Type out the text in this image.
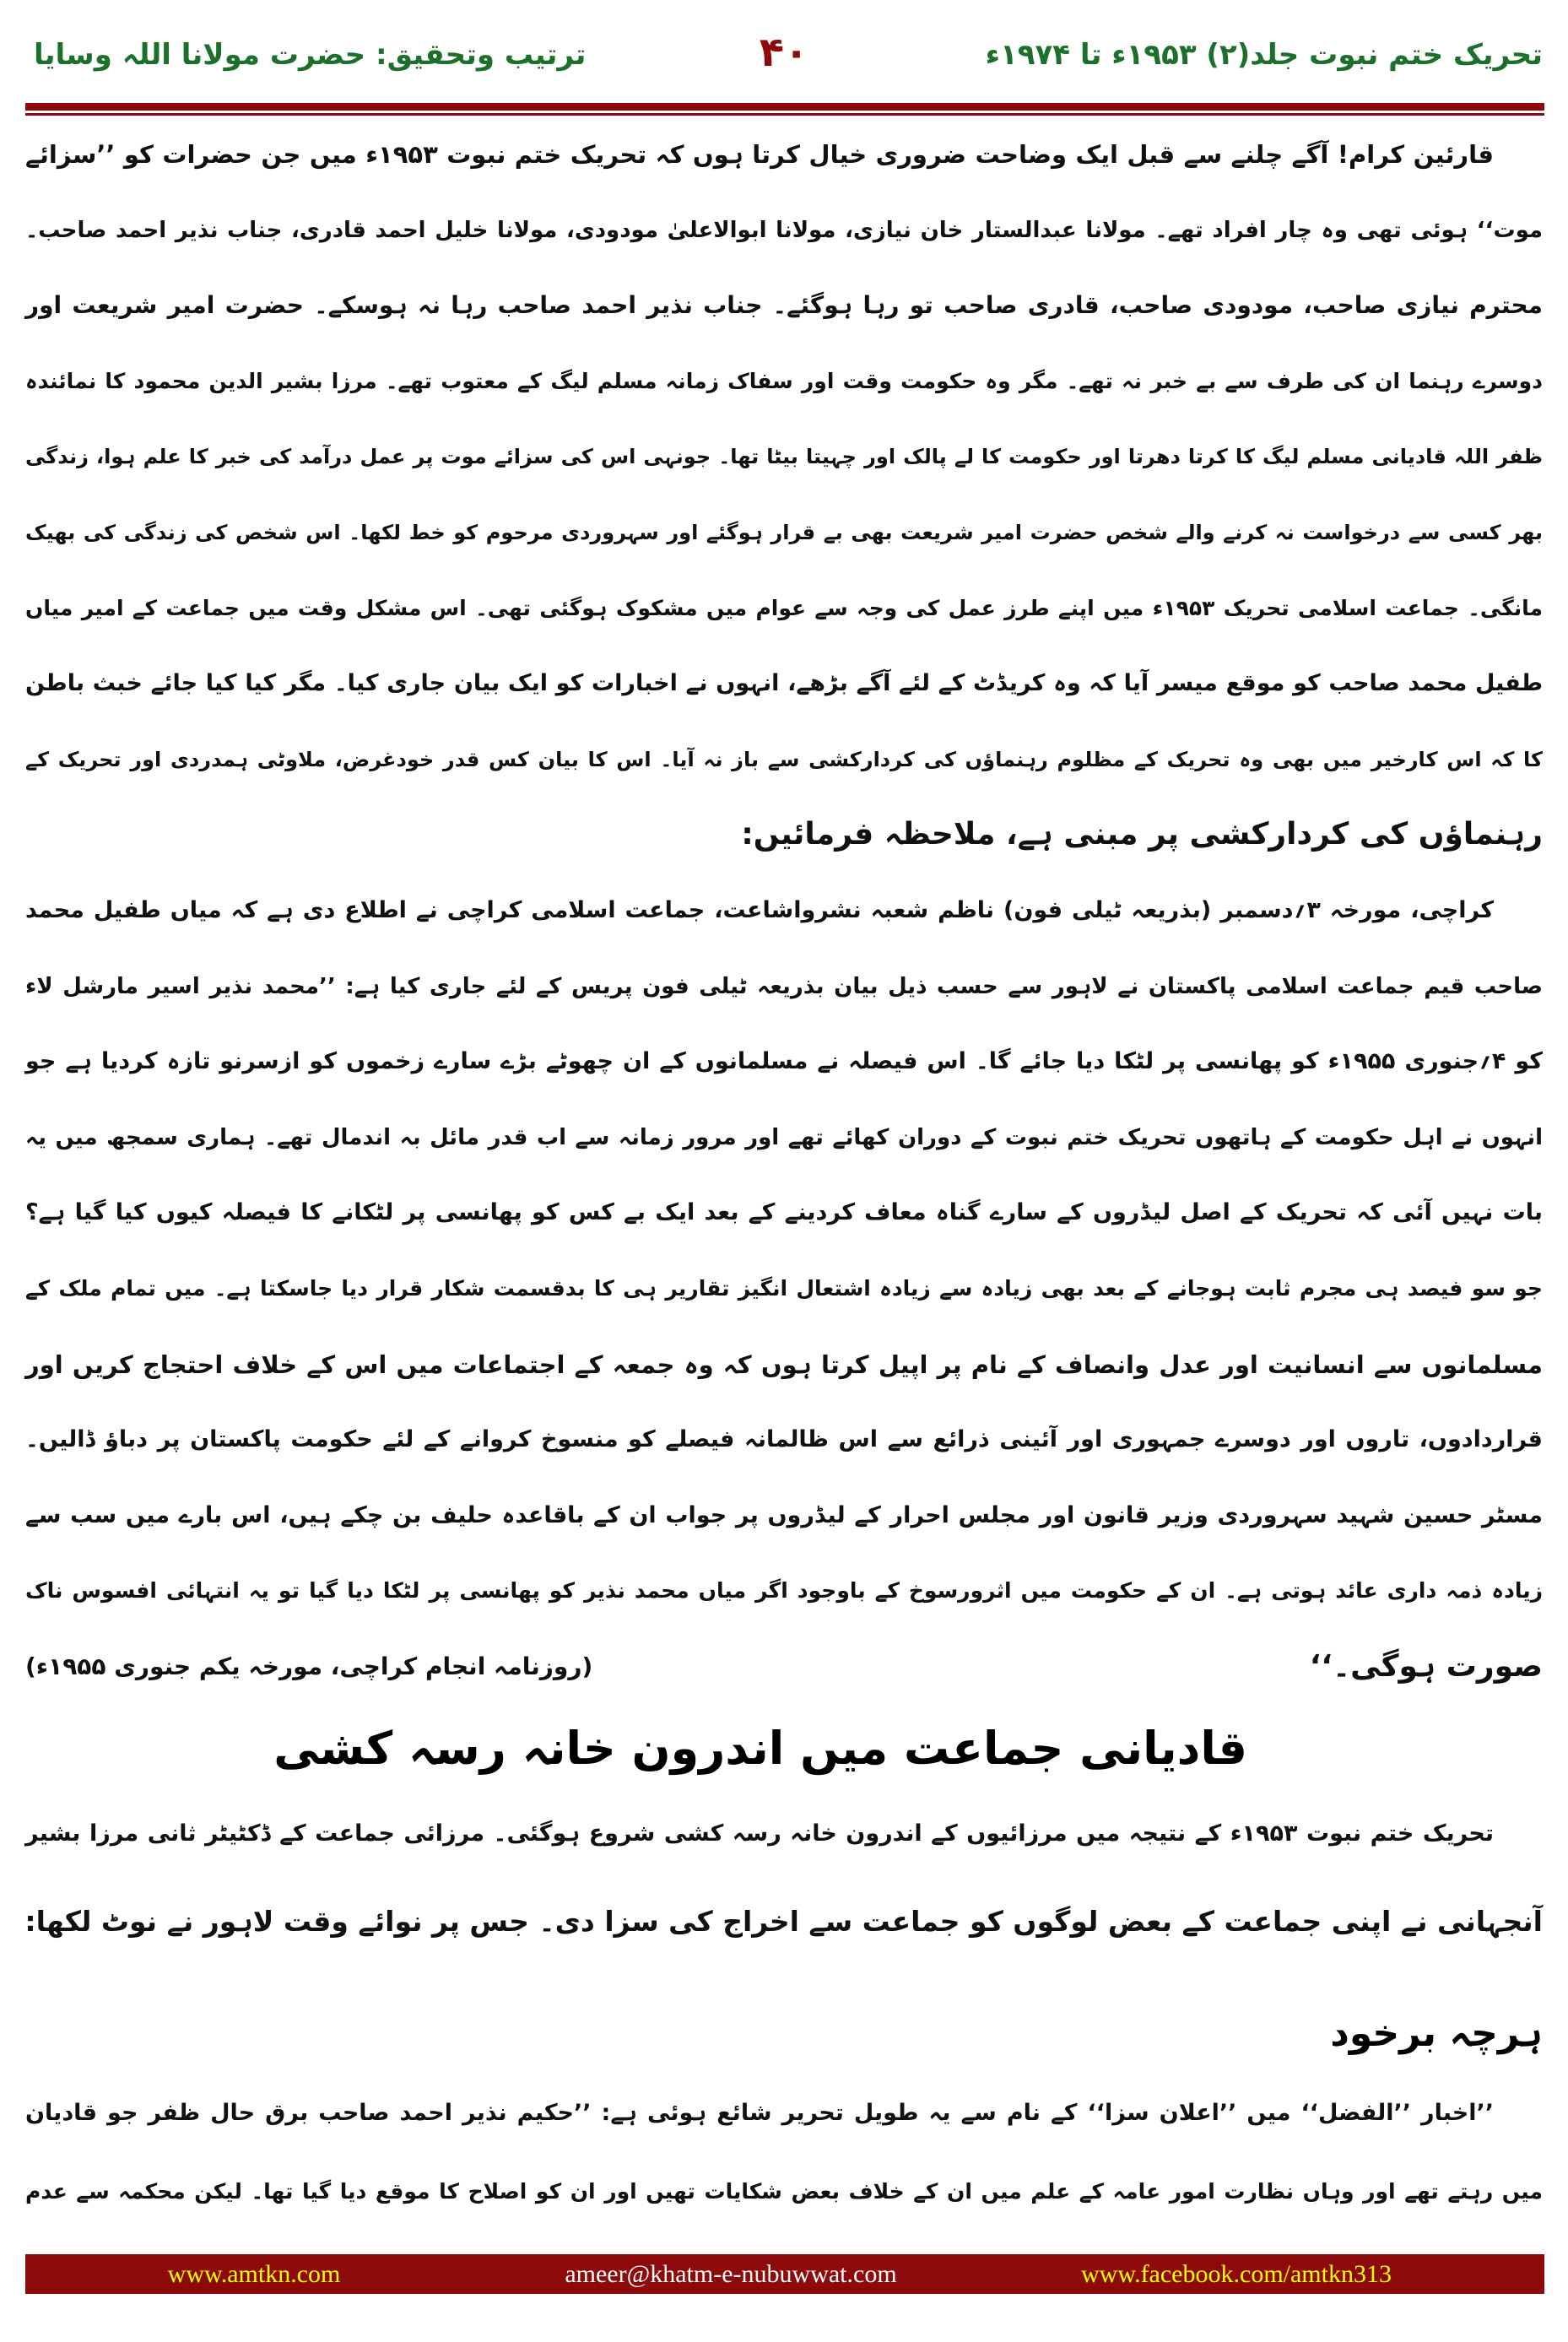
تحریک ختم نبوت جلد(۲) ۱۹۵۳ء تا ۱۹۷۴ء
۴۰
ترتیب وتحقیق: حضرت مولانا اللہ وسایا
قارئین کرام! آگے چلنے سے قبل ایک وضاحت ضروری خیال کرتا ہوں کہ تحریک ختم نبوت ۱۹۵۳ء میں جن حضرات کو ’’سزائے
موت‘‘ ہوئی تھی وہ چار افراد تھے۔ مولانا عبدالستار خان نیازی، مولانا ابوالاعلیٰ مودودی، مولانا خلیل احمد قادری، جناب نذیر احمد صاحب۔
محترم نیازی صاحب، مودودی صاحب، قادری صاحب تو رہا ہوگئے۔ جناب نذیر احمد صاحب رہا نہ ہوسکے۔ حضرت امیر شریعت اور
دوسرے رہنما ان کی طرف سے بے خبر نہ تھے۔ مگر وہ حکومت وقت اور سفاک زمانہ مسلم لیگ کے معتوب تھے۔ مرزا بشیر الدین محمود کا نمائندہ
ظفر اللہ قادیانی مسلم لیگ کا کرتا دھرتا اور حکومت کا لے پالک اور چہیتا بیٹا تھا۔ جونہی اس کی سزائے موت پر عمل درآمد کی خبر کا علم ہوا، زندگی
بھر کسی سے درخواست نہ کرنے والے شخص حضرت امیر شریعت بھی بے قرار ہوگئے اور سہروردی مرحوم کو خط لکھا۔ اس شخص کی زندگی کی بھیک
مانگی۔ جماعت اسلامی تحریک ۱۹۵۳ء میں اپنے طرز عمل کی وجہ سے عوام میں مشکوک ہوگئی تھی۔ اس مشکل وقت میں جماعت کے امیر میاں
طفیل محمد صاحب کو موقع میسر آیا کہ وہ کریڈٹ کے لئے آگے بڑھے، انہوں نے اخبارات کو ایک بیان جاری کیا۔ مگر کیا کیا جائے خبث باطن
کا کہ اس کارخیر میں بھی وہ تحریک کے مظلوم رہنماؤں کی کردارکشی سے باز نہ آیا۔ اس کا بیان کس قدر خودغرض، ملاوٹی ہمدردی اور تحریک کے
رہنماؤں کی کردارکشی پر مبنی ہے، ملاحظہ فرمائیں:
کراچی، مورخہ ۳؍دسمبر (بذریعہ ٹیلی فون) ناظم شعبہ نشرواشاعت، جماعت اسلامی کراچی نے اطلاع دی ہے کہ میاں طفیل محمد
صاحب قیم جماعت اسلامی پاکستان نے لاہور سے حسب ذیل بیان بذریعہ ٹیلی فون پریس کے لئے جاری کیا ہے: ’’محمد نذیر اسیر مارشل لاء
کو ۴؍جنوری ۱۹۵۵ء کو پھانسی پر لٹکا دیا جائے گا۔ اس فیصلہ نے مسلمانوں کے ان چھوٹے بڑے سارے زخموں کو ازسرنو تازہ کردیا ہے جو
انہوں نے اہل حکومت کے ہاتھوں تحریک ختم نبوت کے دوران کھائے تھے اور مرور زمانہ سے اب قدر مائل بہ اندمال تھے۔ ہماری سمجھ میں یہ
بات نہیں آئی کہ تحریک کے اصل لیڈروں کے سارے گناہ معاف کردینے کے بعد ایک بے کس کو پھانسی پر لٹکانے کا فیصلہ کیوں کیا گیا ہے؟
جو سو فیصد ہی مجرم ثابت ہوجانے کے بعد بھی زیادہ سے زیادہ اشتعال انگیز تقاریر ہی کا بدقسمت شکار قرار دیا جاسکتا ہے۔ میں تمام ملک کے
مسلمانوں سے انسانیت اور عدل وانصاف کے نام پر اپیل کرتا ہوں کہ وہ جمعہ کے اجتماعات میں اس کے خلاف احتجاج کریں اور
قراردادوں، تاروں اور دوسرے جمہوری اور آئینی ذرائع سے اس ظالمانہ فیصلے کو منسوخ کروانے کے لئے حکومت پاکستان پر دباؤ ڈالیں۔
مسٹر حسین شہید سہروردی وزیر قانون اور مجلس احرار کے لیڈروں پر جواب ان کے باقاعدہ حلیف بن چکے ہیں، اس بارے میں سب سے
زیادہ ذمہ داری عائد ہوتی ہے۔ ان کے حکومت میں اثرورسوخ کے باوجود اگر میاں محمد نذیر کو پھانسی پر لٹکا دیا گیا تو یہ انتہائی افسوس ناک
صورت ہوگی۔‘‘
(روزنامہ انجام کراچی، مورخہ یکم جنوری ۱۹۵۵ء)
قادیانی جماعت میں اندرون خانہ رسہ کشی
تحریک ختم نبوت ۱۹۵۳ء کے نتیجہ میں مرزائیوں کے اندرون خانہ رسہ کشی شروع ہوگئی۔ مرزائی جماعت کے ڈکٹیٹر ثانی مرزا بشیر
آنجہانی نے اپنی جماعت کے بعض لوگوں کو جماعت سے اخراج کی سزا دی۔ جس پر نوائے وقت لاہور نے نوٹ لکھا:
ہرچہ برخود
’’اخبار ’’الفضل‘‘ میں ’’اعلان سزا‘‘ کے نام سے یہ طویل تحریر شائع ہوئی ہے: ’’حکیم نذیر احمد صاحب برق حال ظفر جو قادیان
میں رہتے تھے اور وہاں نظارت امور عامہ کے علم میں ان کے خلاف بعض شکایات تھیں اور ان کو اصلاح کا موقع دیا گیا تھا۔ لیکن محکمہ سے عدم
www.amtkn.com	ameer@khatm-e-nubuwwat.com	www.facebook.com/amtkn313
